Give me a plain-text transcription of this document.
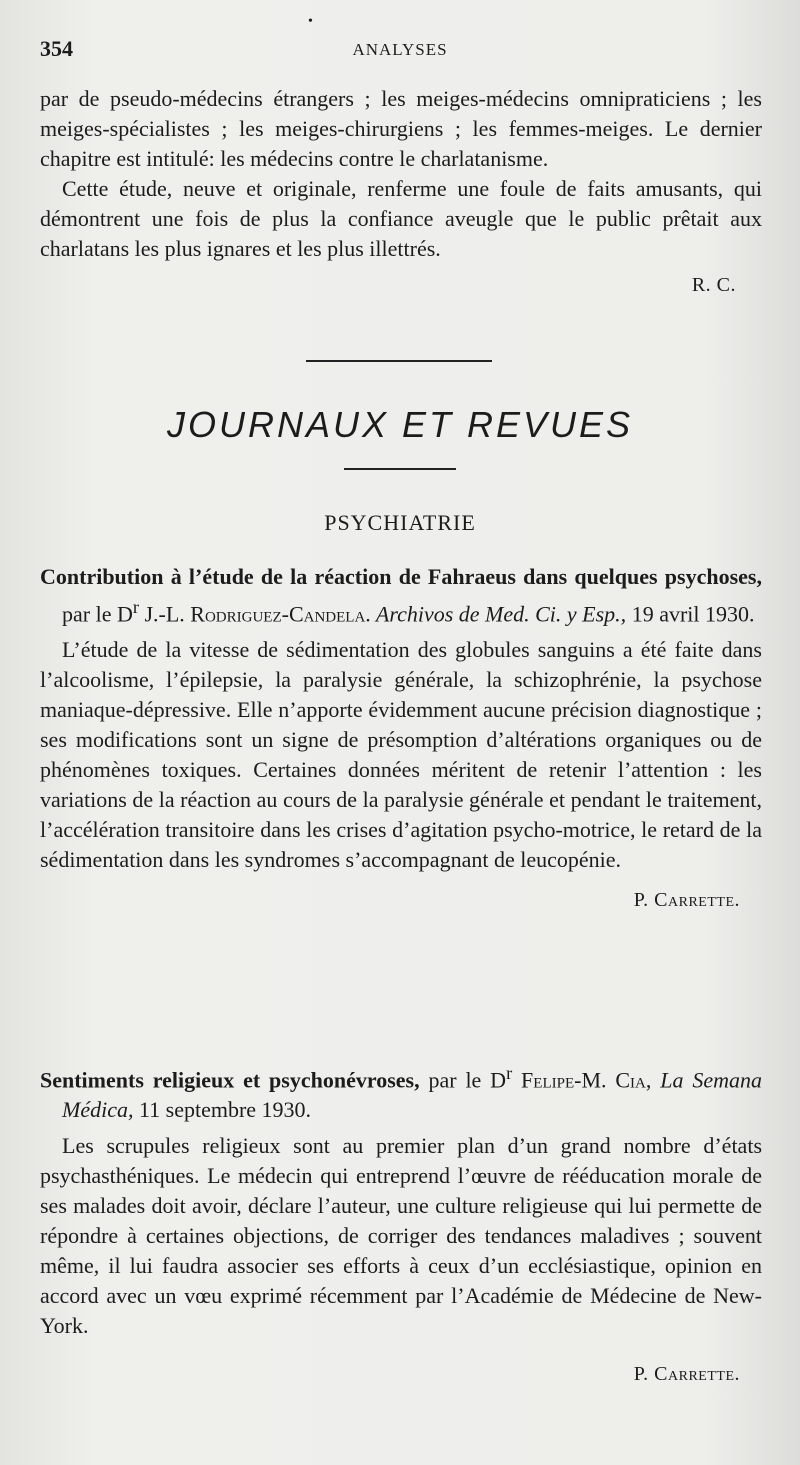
•
354	ANALYSES

par de pseudo-médecins étrangers ; les meiges-médecins omnipraticiens ; les meiges-spécialistes ; les meiges-chirurgiens ; les femmes-meiges. Le dernier chapitre est intitulé: les médecins contre le charlatanisme.

Cette étude, neuve et originale, renferme une foule de faits amusants, qui démontrent une fois de plus la confiance aveugle que le public prêtait aux charlatans les plus ignares et les plus illettrés.

R. C.

JOURNAUX ET REVUES
PSYCHIATRIE

Contribution à l’étude de la réaction de Fahraeus dans quelques psychoses, par le $D^r$ J.-L. Rodriguez-Candela. Archivos de Med. Ci. y Esp., 19 avril 1930.

L’étude de la vitesse de sédimentation des globules sanguins a été faite dans l’alcoolisme, l’épilepsie, la paralysie générale, la schizophrénie, la psychose maniaque-dépressive. Elle n’apporte évidemment aucune précision diagnostique ; ses modifications sont un signe de présomption d’altérations organiques ou de phénomènes toxiques. Certaines données méritent de retenir l’attention : les variations de la réaction au cours de la paralysie générale et pendant le traitement, l’accélération transitoire dans les crises d’agitation psycho-motrice, le retard de la sédimentation dans les syndromes s’accompagnant de leucopénie.

P. Carrette.

Sentiments religieux et psychonévroses, par le $D^r$ Felipe-M. Cia, La Semana Médica, 11 septembre 1930.

Les scrupules religieux sont au premier plan d’un grand nombre d’états psychasthéniques. Le médecin qui entreprend l’œuvre de rééducation morale de ses malades doit avoir, déclare l’auteur, une culture religieuse qui lui permette de répondre à certaines objections, de corriger des tendances maladives ; souvent même, il lui faudra associer ses efforts à ceux d’un ecclésiastique, opinion en accord avec un vœu exprimé récemment par l’Académie de Médecine de New-York.

P. Carrette.
